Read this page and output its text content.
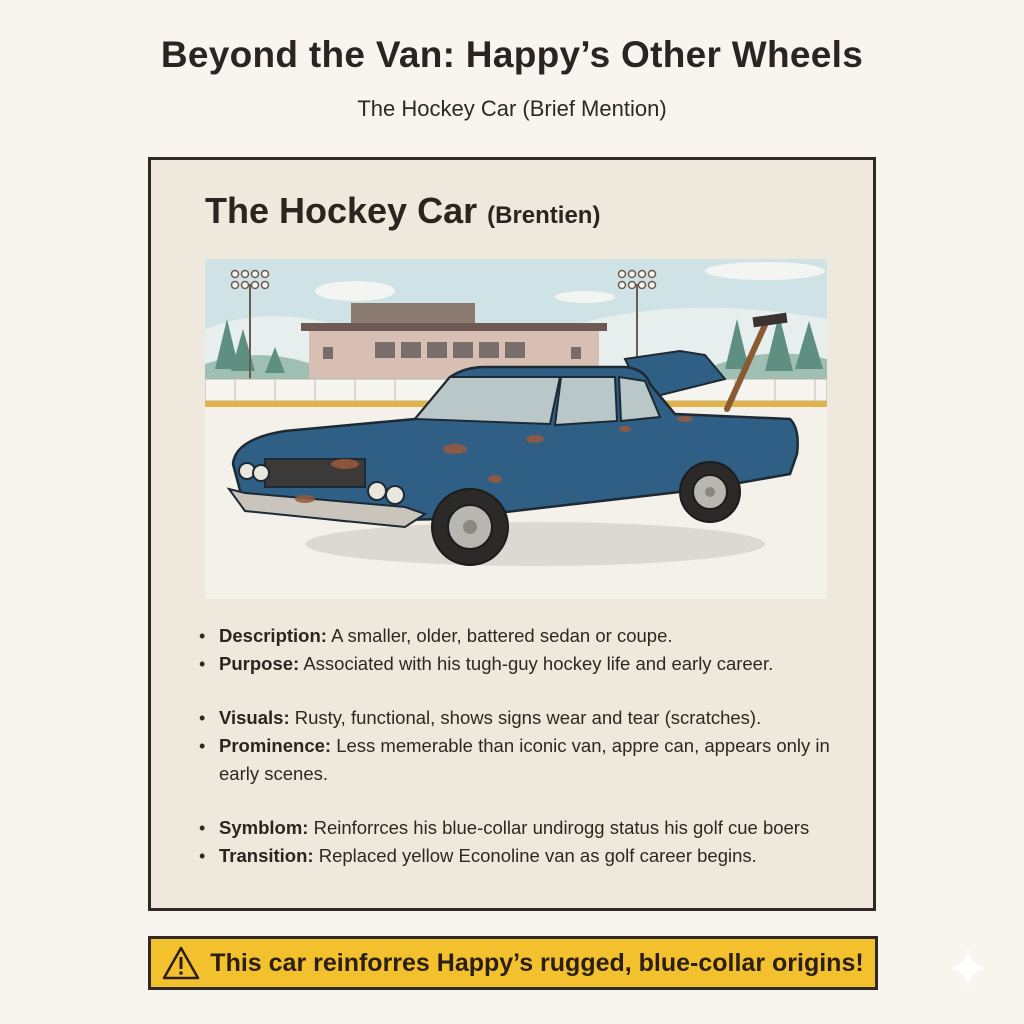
Beyond the Van: Happy’s Other Wheels
The Hockey Car (Brief Mention)
The Hockey Car (Brentien)
• Description: A smaller, older, battered sedan or coupe.
• Purpose: Associated with his tugh-guy hockey life and early career.
• Visuals: Rusty, functional, shows signs wear and tear (scratches).
• Prominence: Less memerable than iconic van, appre can, appears only in early scenes.
• Symblom: Reinforrces his blue-collar undirogg status his golf cue boers
• Transition: Replaced yellow Econoline van as golf career begins.
This car reinforres Happy’s rugged, blue-collar origins!
